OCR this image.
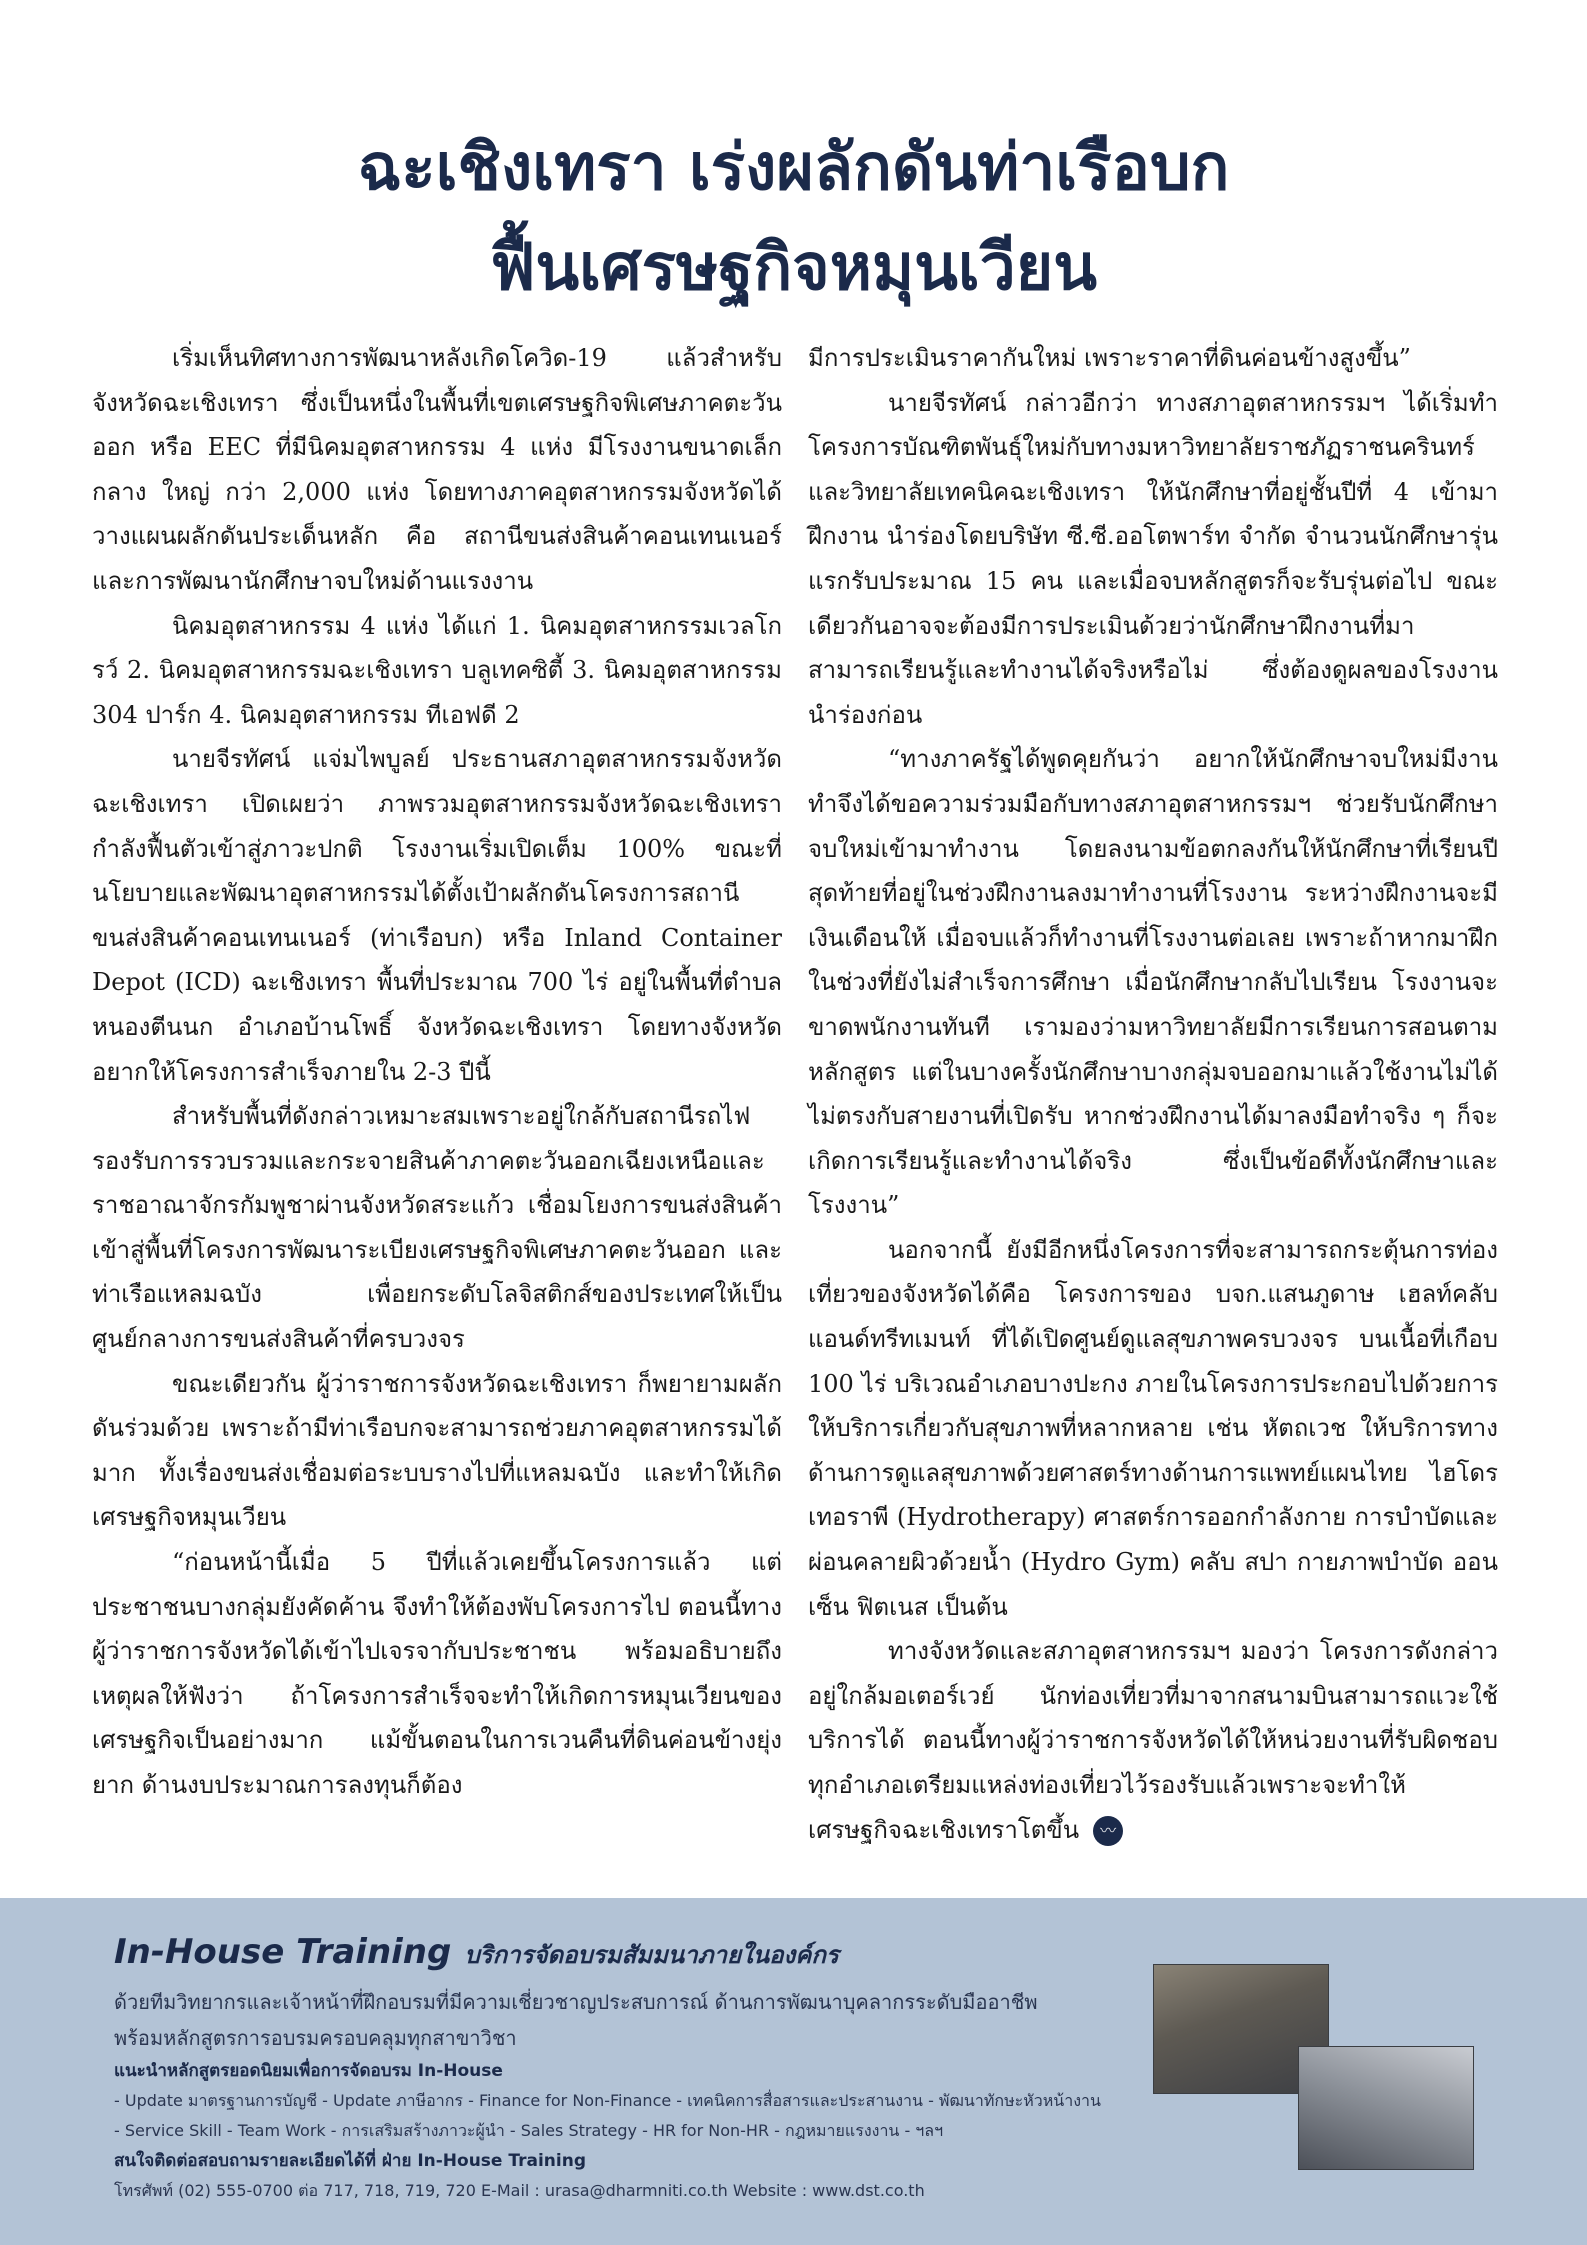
ฉะเชิงเทรา เร่งผลักดันท่าเรือบก
ฟื้นเศรษฐกิจหมุนเวียน

เริ่มเห็นทิศทางการพัฒนาหลังเกิดโควิด-19 แล้วสำหรับจังหวัดฉะเชิงเทรา ซึ่งเป็นหนึ่งในพื้นที่เขตเศรษฐกิจพิเศษภาคตะวันออก หรือ EEC ที่มีนิคมอุตสาหกรรม 4 แห่ง มีโรงงานขนาดเล็ก กลาง ใหญ่ กว่า 2,000 แห่ง โดยทางภาคอุตสาหกรรมจังหวัดได้วางแผนผลักดันประเด็นหลัก คือ สถานีขนส่งสินค้าคอนเทนเนอร์และการพัฒนานักศึกษาจบใหม่ด้านแรงงาน

นิคมอุตสาหกรรม 4 แห่ง ได้แก่ 1. นิคมอุตสาหกรรมเวลโกรว์ 2. นิคมอุตสาหกรรมฉะเชิงเทรา บลูเทคซิตี้ 3. นิคมอุตสาหกรรม 304 ปาร์ก 4. นิคมอุตสาหกรรม ทีเอฟดี 2

นายจีรทัศน์ แจ่มไพบูลย์ ประธานสภาอุตสาหกรรมจังหวัดฉะเชิงเทรา เปิดเผยว่า ภาพรวมอุตสาหกรรมจังหวัดฉะเชิงเทรากำลังฟื้นตัวเข้าสู่ภาวะปกติ โรงงานเริ่มเปิดเต็ม 100% ขณะที่นโยบายและพัฒนาอุตสาหกรรมได้ตั้งเป้าผลักดันโครงการสถานีขนส่งสินค้าคอนเทนเนอร์ (ท่าเรือบก) หรือ Inland Container Depot (ICD) ฉะเชิงเทรา พื้นที่ประมาณ 700 ไร่ อยู่ในพื้นที่ตำบลหนองตีนนก อำเภอบ้านโพธิ์ จังหวัดฉะเชิงเทรา โดยทางจังหวัดอยากให้โครงการสำเร็จภายใน 2-3 ปีนี้

สำหรับพื้นที่ดังกล่าวเหมาะสมเพราะอยู่ใกล้กับสถานีรถไฟรองรับการรวบรวมและกระจายสินค้าภาคตะวันออกเฉียงเหนือและราชอาณาจักรกัมพูชาผ่านจังหวัดสระแก้ว เชื่อมโยงการขนส่งสินค้าเข้าสู่พื้นที่โครงการพัฒนาระเบียงเศรษฐกิจพิเศษภาคตะวันออก และท่าเรือแหลมฉบัง เพื่อยกระดับโลจิสติกส์ของประเทศให้เป็นศูนย์กลางการขนส่งสินค้าที่ครบวงจร

ขณะเดียวกัน ผู้ว่าราชการจังหวัดฉะเชิงเทรา ก็พยายามผลักดันร่วมด้วย เพราะถ้ามีท่าเรือบกจะสามารถช่วยภาคอุตสาหกรรมได้มาก ทั้งเรื่องขนส่งเชื่อมต่อระบบรางไปที่แหลมฉบัง และทำให้เกิดเศรษฐกิจหมุนเวียน

“ก่อนหน้านี้เมื่อ 5 ปีที่แล้วเคยขึ้นโครงการแล้ว แต่ประชาชนบางกลุ่มยังคัดค้าน จึงทำให้ต้องพับโครงการไป ตอนนี้ทางผู้ว่าราชการจังหวัดได้เข้าไปเจรจากับประชาชน พร้อมอธิบายถึงเหตุผลให้ฟังว่า ถ้าโครงการสำเร็จจะทำให้เกิดการหมุนเวียนของเศรษฐกิจเป็นอย่างมาก แม้ขั้นตอนในการเวนคืนที่ดินค่อนข้างยุ่งยาก ด้านงบประมาณการลงทุนก็ต้อง

มีการประเมินราคากันใหม่ เพราะราคาที่ดินค่อนข้างสูงขึ้น”

นายจีรทัศน์ กล่าวอีกว่า ทางสภาอุตสาหกรรมฯ ได้เริ่มทำโครงการบัณฑิตพันธุ์ใหม่กับทางมหาวิทยาลัยราชภัฏราชนครินทร์ และวิทยาลัยเทคนิคฉะเชิงเทรา ให้นักศึกษาที่อยู่ชั้นปีที่ 4 เข้ามาฝึกงาน นำร่องโดยบริษัท ซี.ซี.ออโตพาร์ท จำกัด จำนวนนักศึกษารุ่นแรกรับประมาณ 15 คน และเมื่อจบหลักสูตรก็จะรับรุ่นต่อไป ขณะเดียวกันอาจจะต้องมีการประเมินด้วยว่านักศึกษาฝึกงานที่มาสามารถเรียนรู้และทำงานได้จริงหรือไม่ ซึ่งต้องดูผลของโรงงานนำร่องก่อน

“ทางภาครัฐได้พูดคุยกันว่า อยากให้นักศึกษาจบใหม่มีงานทำจึงได้ขอความร่วมมือกับทางสภาอุตสาหกรรมฯ ช่วยรับนักศึกษาจบใหม่เข้ามาทำงาน โดยลงนามข้อตกลงกันให้นักศึกษาที่เรียนปีสุดท้ายที่อยู่ในช่วงฝึกงานลงมาทำงานที่โรงงาน ระหว่างฝึกงานจะมีเงินเดือนให้ เมื่อจบแล้วก็ทำงานที่โรงงานต่อเลย เพราะถ้าหากมาฝึกในช่วงที่ยังไม่สำเร็จการศึกษา เมื่อนักศึกษากลับไปเรียน โรงงานจะขาดพนักงานทันที เรามองว่ามหาวิทยาลัยมีการเรียนการสอนตามหลักสูตร แต่ในบางครั้งนักศึกษาบางกลุ่มจบออกมาแล้วใช้งานไม่ได้ ไม่ตรงกับสายงานที่เปิดรับ หากช่วงฝึกงานได้มาลงมือทำจริง ๆ ก็จะเกิดการเรียนรู้และทำงานได้จริง ซึ่งเป็นข้อดีทั้งนักศึกษาและโรงงาน”

นอกจากนี้ ยังมีอีกหนึ่งโครงการที่จะสามารถกระตุ้นการท่องเที่ยวของจังหวัดได้คือ โครงการของ บจก.แสนภูดาษ เฮลท์คลับแอนด์ทรีทเมนท์ ที่ได้เปิดศูนย์ดูแลสุขภาพครบวงจร บนเนื้อที่เกือบ 100 ไร่ บริเวณอำเภอบางปะกง ภายในโครงการประกอบไปด้วยการให้บริการเกี่ยวกับสุขภาพที่หลากหลาย เช่น หัตถเวช ให้บริการทางด้านการดูแลสุขภาพด้วยศาสตร์ทางด้านการแพทย์แผนไทย ไฮโดรเทอราพี (Hydrotherapy) ศาสตร์การออกกำลังกาย การบำบัดและผ่อนคลายผิวด้วยน้ำ (Hydro Gym) คลับ สปา กายภาพบำบัด ออนเซ็น ฟิตเนส เป็นต้น

ทางจังหวัดและสภาอุตสาหกรรมฯ มองว่า โครงการดังกล่าวอยู่ใกล้มอเตอร์เวย์ นักท่องเที่ยวที่มาจากสนามบินสามารถแวะใช้บริการได้ ตอนนี้ทางผู้ว่าราชการจังหวัดได้ให้หน่วยงานที่รับผิดชอบทุกอำเภอเตรียมแหล่งท่องเที่ยวไว้รองรับแล้วเพราะจะทำให้เศรษฐกิจฉะเชิงเทราโตขึ้น 〰

In-House Training บริการจัดอบรมสัมมนาภายในองค์กร
ด้วยทีมวิทยากรและเจ้าหน้าที่ฝึกอบรมที่มีความเชี่ยวชาญประสบการณ์ ด้านการพัฒนาบุคลากรระดับมืออาชีพ
พร้อมหลักสูตรการอบรมครอบคลุมทุกสาขาวิชา
แนะนำหลักสูตรยอดนิยมเพื่อการจัดอบรม In-House
- Update มาตรฐานการบัญชี - Update ภาษีอากร - Finance for Non-Finance - เทคนิคการสื่อสารและประสานงาน - พัฒนาทักษะหัวหน้างาน
- Service Skill - Team Work - การเสริมสร้างภาวะผู้นำ - Sales Strategy - HR for Non-HR - กฎหมายแรงงาน - ฯลฯ
สนใจติดต่อสอบถามรายละเอียดได้ที่ ฝ่าย In-House Training
โทรศัพท์ (02) 555-0700 ต่อ 717, 718, 719, 720 E-Mail : urasa@dharmniti.co.th Website : www.dst.co.th
